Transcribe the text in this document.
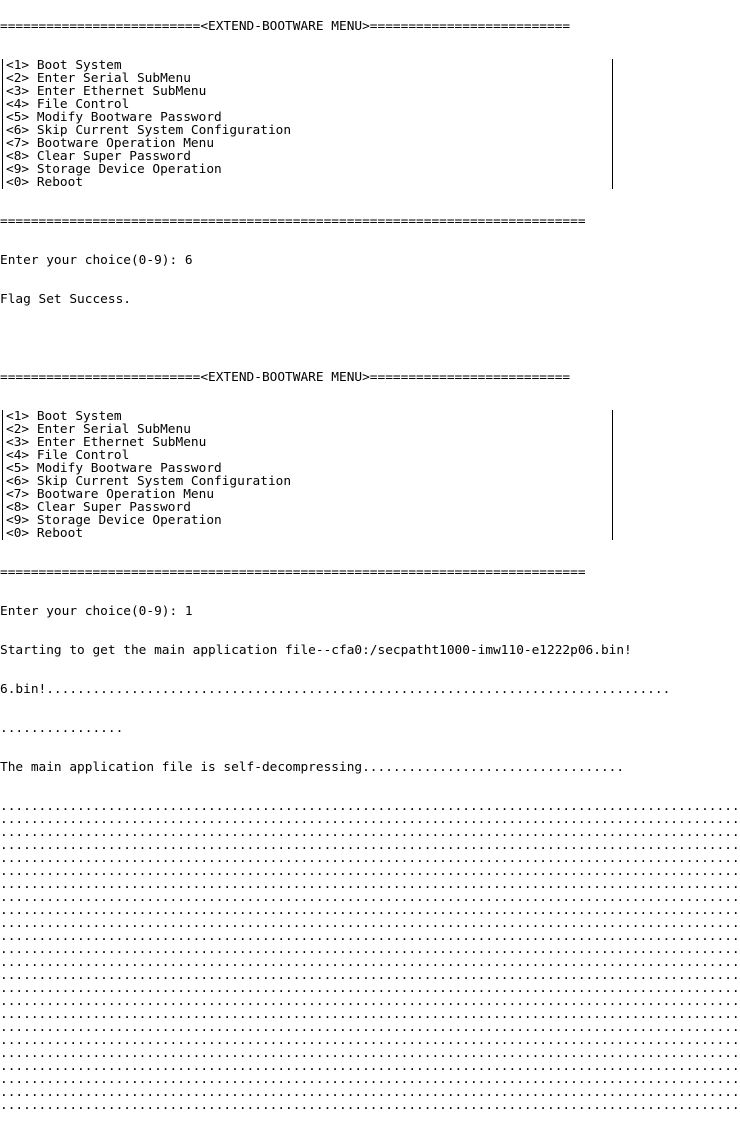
==========================<EXTEND-BOOTWARE MENU>==========================

<1> Boot System
<2> Enter Serial SubMenu
<3> Enter Ethernet SubMenu
<4> File Control
<5> Modify Bootware Password
<6> Skip Current System Configuration
<7> Bootware Operation Menu
<8> Clear Super Password
<9> Storage Device Operation
<0> Reboot

============================================================================

Enter your choice(0-9): 6

Flag Set Success.

==========================<EXTEND-BOOTWARE MENU>==========================

<1> Boot System
<2> Enter Serial SubMenu
<3> Enter Ethernet SubMenu
<4> File Control
<5> Modify Bootware Password
<6> Skip Current System Configuration
<7> Bootware Operation Menu
<8> Clear Super Password
<9> Storage Device Operation
<0> Reboot

============================================================================

Enter your choice(0-9): 1

Starting to get the main application file--cfa0:/secpatht1000-imw110-e1222p06.bin!

6.bin!.................................................................................

................

The main application file is self-decompressing..................................

................................................................................................
................................................................................................
................................................................................................
................................................................................................
................................................................................................
................................................................................................
................................................................................................
................................................................................................
................................................................................................
................................................................................................
................................................................................................
................................................................................................
................................................................................................
................................................................................................
................................................................................................
................................................................................................
................................................................................................
................................................................................................
................................................................................................
................................................................................................
................................................................................................
................................................................................................
................................................................................................
................................................................................................
